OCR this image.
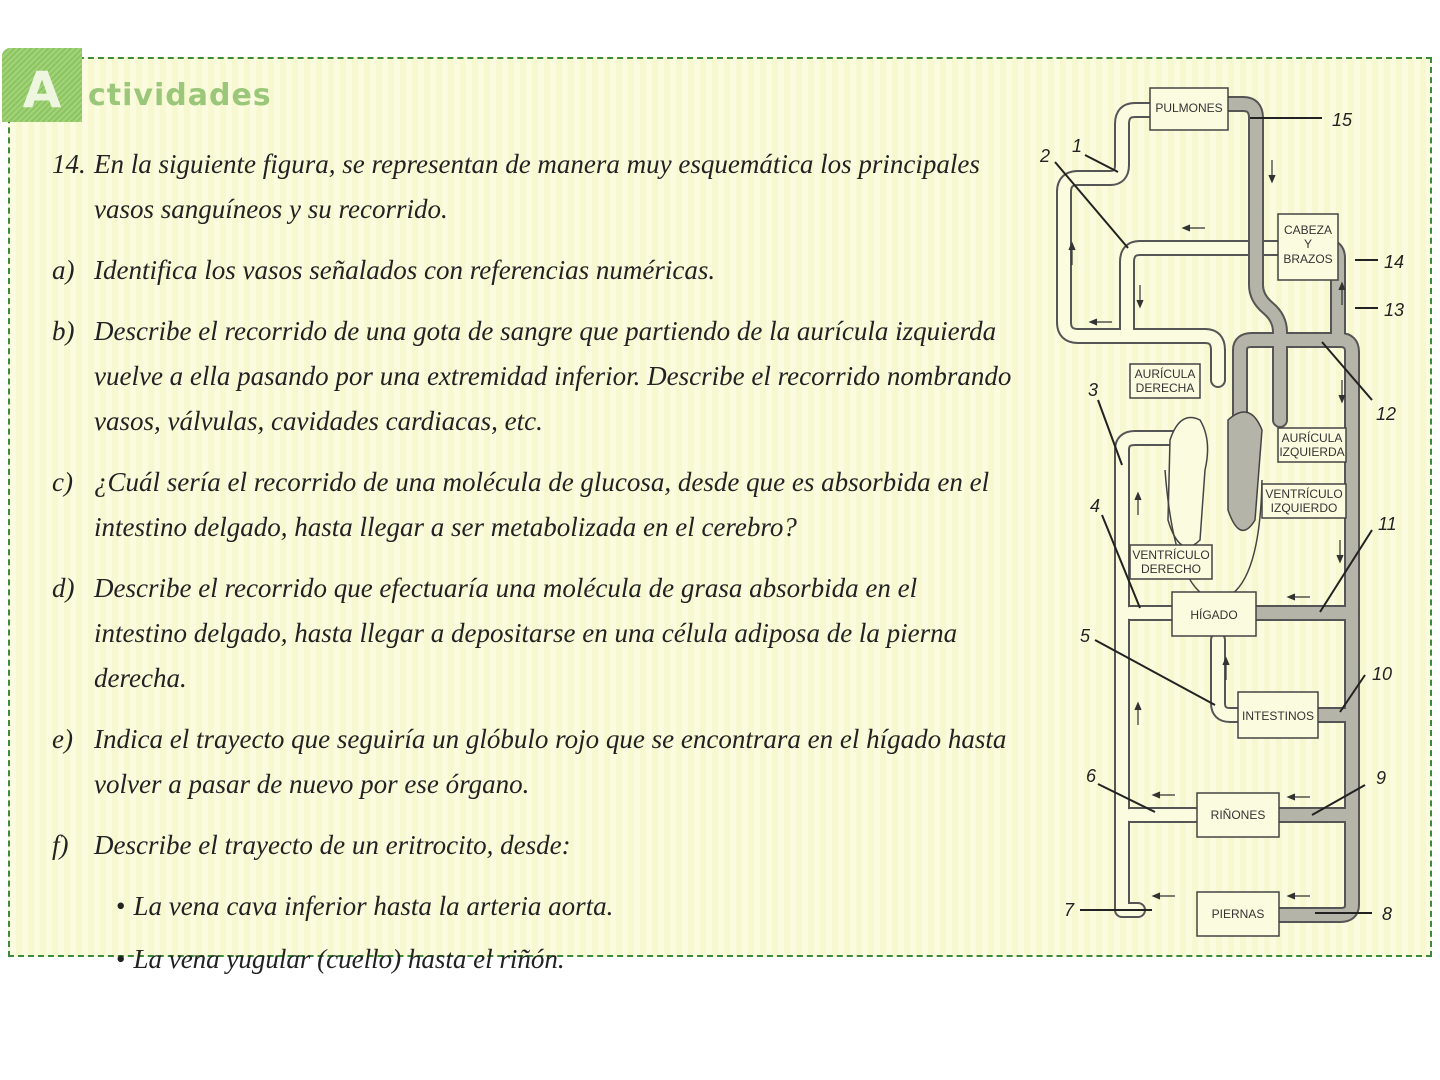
A ctividades
14. En la siguiente figura, se representan de manera muy esquemática los principales vasos sanguíneos y su recorrido.
a) Identifica los vasos señalados con referencias numéricas.
b) Describe el recorrido de una gota de sangre que partiendo de la aurícula izquierda vuelve a ella pasando por una extremidad inferior. Describe el recorrido nombrando vasos, válvulas, cavidades cardiacas, etc.
c) ¿Cuál sería el recorrido de una molécula de glucosa, desde que es absorbida en el intestino delgado, hasta llegar a ser metabolizada en el cerebro?
d) Describe el recorrido que efectuaría una molécula de grasa absorbida en el intestino delgado, hasta llegar a depositarse en una célula adiposa de la pierna derecha.
e) Indica el trayecto que seguiría un glóbulo rojo que se encontrara en el hígado hasta volver a pasar de nuevo por ese órgano.
f) Describe el trayecto de un eritrocito, desde:
• La vena cava inferior hasta la arteria aorta.
• La vena yugular (cuello) hasta el riñón.
PULMONES
CABEZA
Y
BRAZOS
AURÍCULA
DERECHA
AURÍCULA
IZQUIERDA
VENTRÍCULO
IZQUIERDO
VENTRÍCULO
DERECHO
HÍGADO
INTESTINOS
RIÑONES
PIERNAS
1
2
3
4
5
6
7	8
9
10
11
12
13
14
15
